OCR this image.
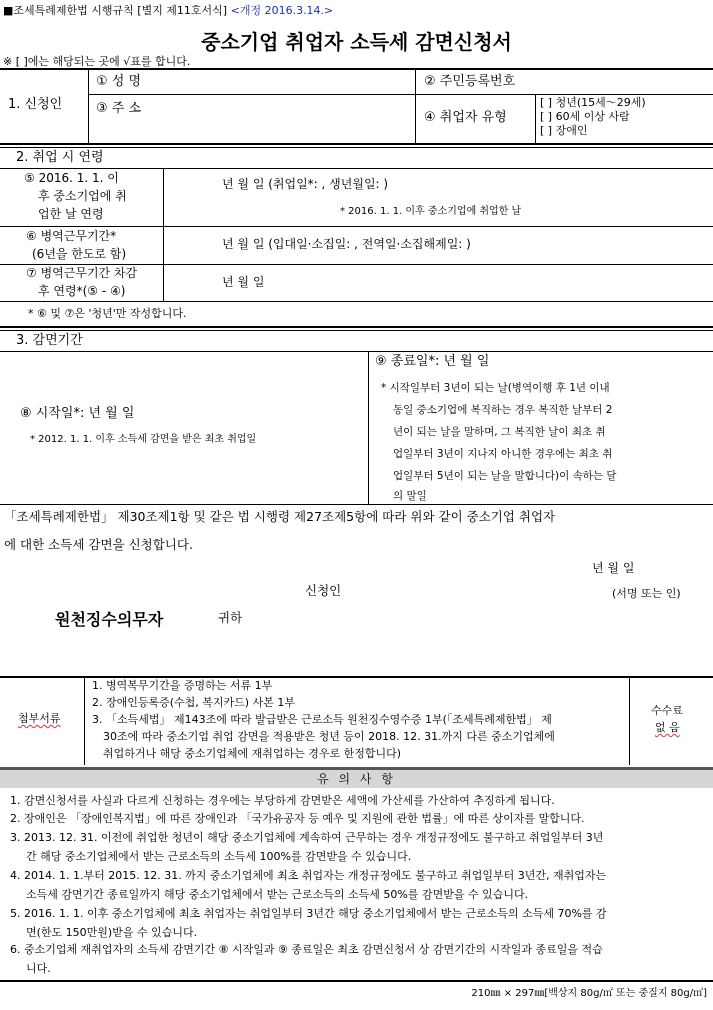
■조세특례제한법 시행규칙 [별지 제11호서식] <개정 2016.3.14.>
중소기업 취업자 소득세 감면신청서
※ [ ]에는 해당되는 곳에 √표를 합니다.
1. 신청인
① 성 명	② 주민등록번호
③ 주 소
④ 취업자 유형
[ ] 청년(15세～29세)
[ ] 60세 이상 사람
[ ] 장애인
2. 취업 시 연령
⑤ 2016. 1. 1. 이
후 중소기업에 취
업한 날 연령
년 월 일 (취업일*: , 생년월일: )
* 2016. 1. 1. 이후 중소기업에 취업한 날
⑥ 병역근무기간*
(6년을 한도로 함)
년 월 일 (입대일·소집일: , 전역일·소집해제일: )
⑦ 병역근무기간 차감
후 연령*(⑤ - ④)
년 월 일
* ⑥ 및 ⑦은 '청년'만 작성합니다.
3. 감면기간
⑧ 시작일*: 년 월 일
* 2012. 1. 1. 이후 소득세 감면을 받은 최초 취업일
⑨ 종료일*: 년 월 일
* 시작일부터 3년이 되는 날(병역이행 후 1년 이내
동일 중소기업에 복직하는 경우 복직한 날부터 2
년이 되는 날을 말하며, 그 복직한 날이 최초 취
업일부터 3년이 지나지 아니한 경우에는 최초 취
업일부터 5년이 되는 날을 말합니다)이 속하는 달
의 말일
「조세특례제한법」 제30조제1항 및 같은 법 시행령 제27조제5항에 따라 위와 같이 중소기업 취업자
에 대한 소득세 감면을 신청합니다.
년 월 일
신청인	(서명 또는 인)
원천징수의무자	귀하
첨부서류
1. 병역복무기간을 증명하는 서류 1부
2. 장애인등록증(수첩, 복지카드) 사본 1부
3. 「소득세법」 제143조에 따라 발급받은 근로소득 원천징수영수증 1부(「조세특례제한법」 제
30조에 따라 중소기업 취업 감면을 적용받은 청년 등이 2018. 12. 31.까지 다른 중소기업체에
취업하거나 해당 중소기업체에 재취업하는 경우로 한정합니다)
수수료
없 음
유 의 사 항
1. 감면신청서를 사실과 다르게 신청하는 경우에는 부당하게 감면받은 세액에 가산세를 가산하여 추징하게 됩니다.
2. 장애인은 「장애인복지법」에 따른 장애인과 「국가유공자 등 예우 및 지원에 관한 법률」에 따른 상이자를 말합니다.
3. 2013. 12. 31. 이전에 취업한 청년이 해당 중소기업체에 계속하여 근무하는 경우 개정규정에도 불구하고 취업일부터 3년
간 해당 중소기업체에서 받는 근로소득의 소득세 100%를 감면받을 수 있습니다.
4. 2014. 1. 1.부터 2015. 12. 31. 까지 중소기업체에 최초 취업자는 개정규정에도 불구하고 취업일부터 3년간, 재취업자는
소득세 감면기간 종료일까지 해당 중소기업체에서 받는 근로소득의 소득세 50%를 감면받을 수 있습니다.
5. 2016. 1. 1. 이후 중소기업체에 최초 취업자는 취업일부터 3년간 해당 중소기업체에서 받는 근로소득의 소득세 70%를 감
면(한도 150만원)받을 수 있습니다.
6. 중소기업체 재취업자의 소득세 감면기간 ⑧ 시작일과 ⑨ 종료일은 최초 감면신청서 상 감면기간의 시작일과 종료일을 적습
니다.
210㎜ × 297㎜[백상지 80g/㎡ 또는 중질지 80g/㎡]
